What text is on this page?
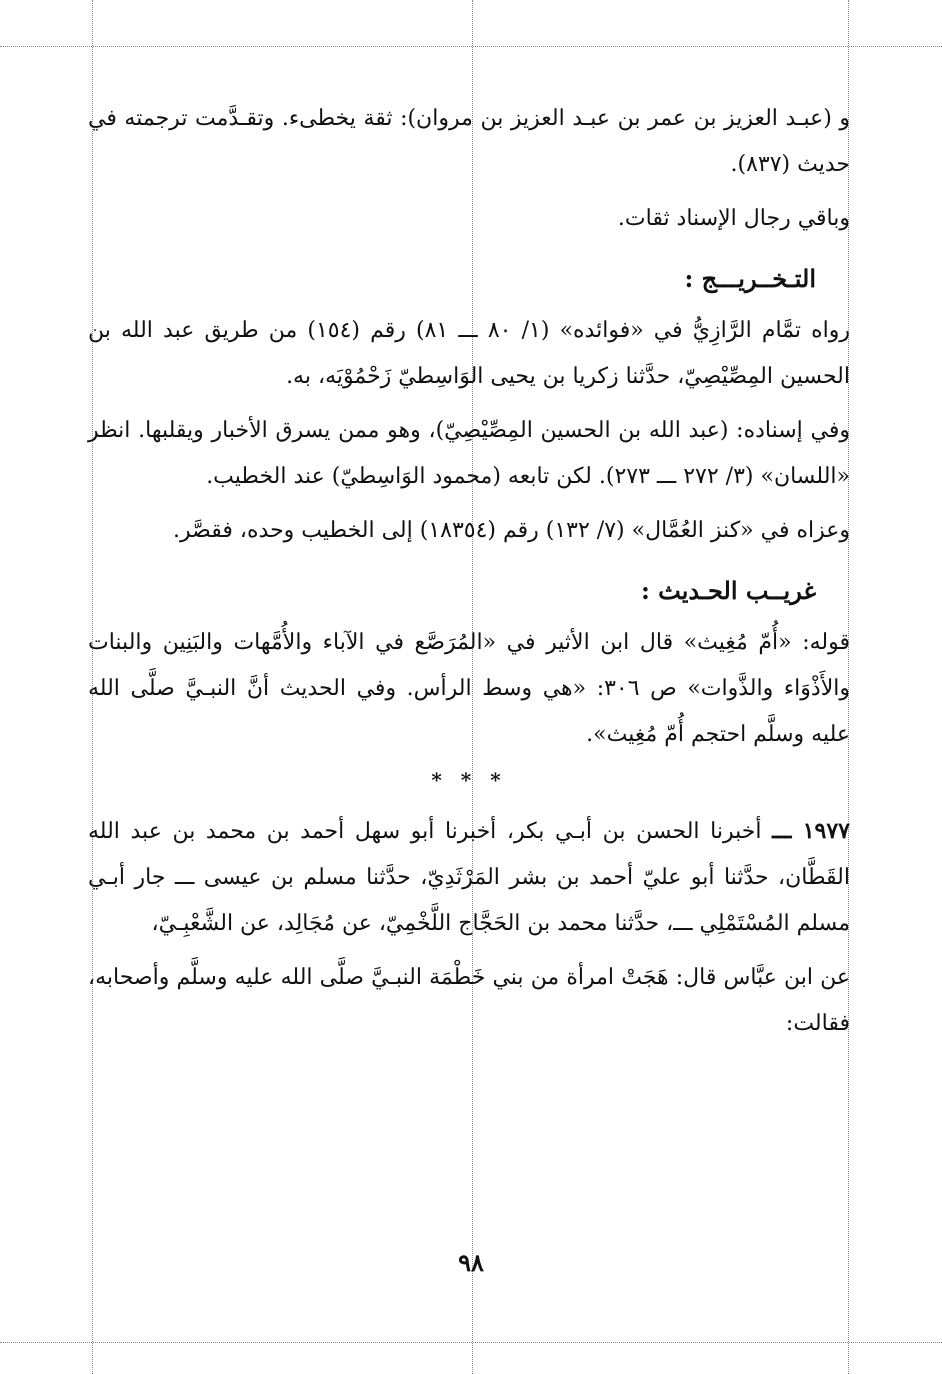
و (عبـد العزيز بن عمر بن عبـد العزيز بن مروان): ثقة يخطىء. وتقـدَّمت ترجمته في حديث (٨٣٧).

وباقي رجال الإسناد ثقات.

التـخــريـــج :

رواه تمَّام الرَّازِيُّ في «فوائده» (١/ ٨٠ ـــ ٨١) رقم (١٥٤) من طريق عبد الله بن الحسين المِصِّيْصِيّ، حدَّثنا زكريا بن يحيى الوَاسِطيّ زَحْمُوْيَه، به.

وفي إسناده: (عبد الله بن الحسين المِصِّيْصِيّ)، وهو ممن يسرق الأخبار ويقلبها. انظر «اللسان» (٣/ ٢٧٢ ـــ ٢٧٣). لكن تابعه (محمود الوَاسِطيّ) عند الخطيب.

وعزاه في «كنز العُمَّال» (٧/ ١٣٢) رقم (١٨٣٥٤) إلى الخطيب وحده، فقصَّر.

غريــب الحـديث :

قوله: «أُمّ مُغِيث» قال ابن الأثير في «المُرَصَّع في الآباء والأُمَّهات والبَنِين والبنات والأَذْوَاء والذَّوات» ص ٣٠٦: «هي وسط الرأس. وفي الحديث أنَّ النبـيَّ صلَّى الله عليه وسلَّم احتجم أُمّ مُغِيث».

* * *

١٩٧٧ ـــ أخبرنا الحسن بن أبـي بكر، أخبرنا أبو سهل أحمد بن محمد بن عبد الله القَطَّان، حدَّثنا أبو عليّ أحمد بن بشر المَرْثَدِيّ، حدَّثنا مسلم بن عيسى ـــ جار أبـي مسلم المُسْتَمْلِي ـــ، حدَّثنا محمد بن الحَجَّاج اللَّخْمِيّ، عن مُجَالِد، عن الشَّعْبِـيّ،

عن ابن عبَّاس قال: هَجَتْ امرأة من بني خَطْمَة النبـيَّ صلَّى الله عليه وسلَّم وأصحابه، فقالت:

٩٨
